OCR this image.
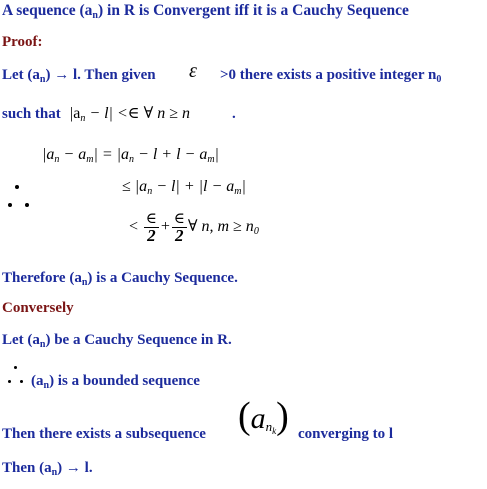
A sequence $(a_n)$ in R is Convergent iff it is a Cauchy Sequence
Proof:
Let $(a_n) \to l$. Then given ε >0 there exists a positive integer $n_0$
such that $|a_n - l|$ <∈ ∀ n ≥ n	.
$|a_n - a_m| = |a_n - l + l - a_m|$
≤ $|a_n - l| + |l - a_m|$
< $\frac{\in}{2} + \frac{\in}{2}$ ∀ n, $m \ge n_0$
Therefore $(a_n)$ is a Cauchy Sequence.
Conversely
Let $(a_n)$ be a Cauchy Sequence in R.
$(a_n)$ is a bounded sequence
Then there exists a subsequence $(a_{n_k})$ converging to l
Then $(a_n) \to l$.
